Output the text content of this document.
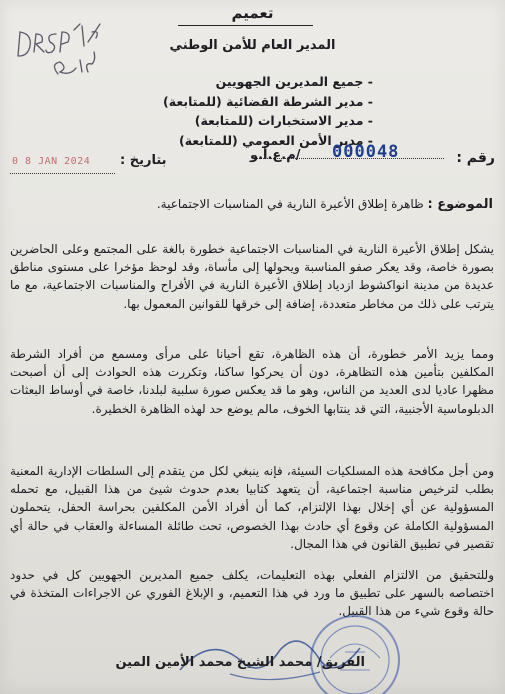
تعميم
المدير العام للأمن الوطني
- جميع المديرين الجهويين
- مدير الشرطة القضائية (للمتابعة)
- مدير الاستخبارات (للمتابعة)
- مدير الأمن العمومي (للمتابعة)
رقم :
000048
/م.ع.أ.و
بتاريخ :
0 8 JAN 2024
الموضوع : ظاهرة إطلاق الأعيرة النارية في المناسبات الاجتماعية.

يشكل إطلاق الأعيرة النارية في المناسبات الاجتماعية خطورة بالغة على المجتمع وعلى الحاضرين بصورة خاصة، وقد يعكر صفو المناسبة ويحولها إلى مأساة، وقد لوحظ مؤخرا على مستوى مناطق عديدة من مدينة انواكشوط ازدياد إطلاق الأعيرة النارية في الأفراح والمناسبات الاجتماعية، مع ما يترتب على ذلك من مخاطر متعددة، إضافة إلى خرقها للقوانين المعمول بها.

ومما يزيد الأمر خطورة، أن هذه الظاهرة، تقع أحيانا على مرأى ومسمع من أفراد الشرطة المكلفين بتأمين هذه التظاهرة، دون أن يحركوا ساكنا، وتكررت هذه الحوادث إلى أن أصبحت مظهرا عاديا لدى العديد من الناس، وهو ما قد يعكس صورة سلبية لبلدنا، خاصة في أوساط البعثات الدبلوماسية الأجنبية، التي قد ينتابها الخوف، مالم يوضع حد لهذه الظاهرة الخطيرة.

ومن أجل مكافحة هذه المسلكيات السيئة، فإنه ينبغي لكل من يتقدم إلى السلطات الإدارية المعنية بطلب لترخيص مناسبة اجتماعية، أن يتعهد كتابيا بعدم حدوث شيئ من هذا القبيل، مع تحمله المسؤولية عن أي إخلال بهذا الإلتزام، كما أن أفراد الأمن المكلفين بحراسة الحفل، يتحملون المسؤولية الكاملة عن وقوع أي حادث بهذا الخصوص، تحت طائلة المساءلة والعقاب في حالة أي تقصير في تطبيق القانون في هذا المجال.

وللتحقيق من الالتزام الفعلي بهذه التعليمات، يكلف جميع المديرين الجهويين كل في حدود اختصاصه بالسهر على تطبيق ما ورد في هذا التعميم، و الإبلاغ الفوري عن الاجراءات المتخذة في حالة وقوع شيء من هذا القبيل.

الفريق/ محمد الشيخ محمد الأمين المين
